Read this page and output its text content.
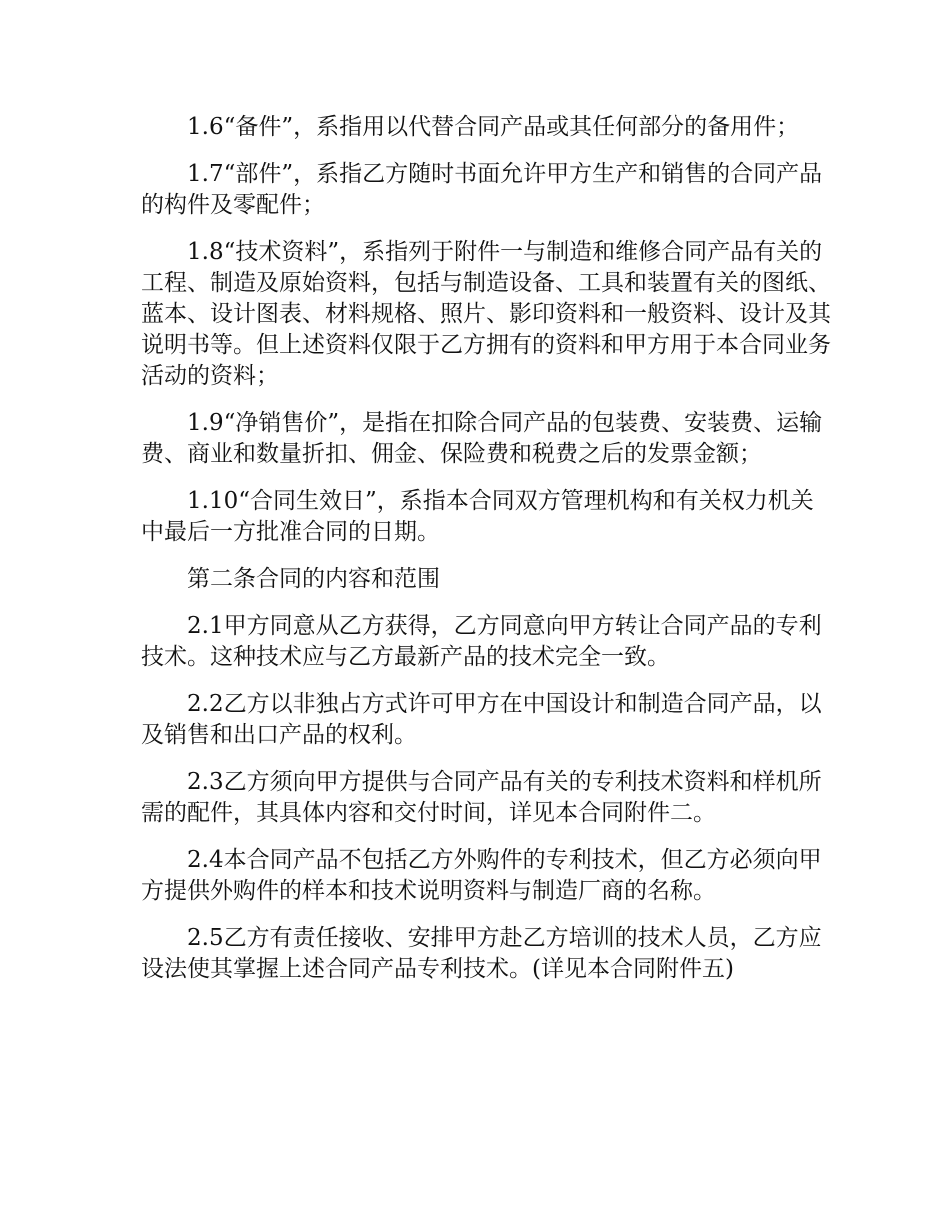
1.6“备件”，系指用以代替合同产品或其任何部分的备用件；

1.7“部件”，系指乙方随时书面允许甲方生产和销售的合同产品的构件及零配件；

1.8“技术资料”，系指列于附件一与制造和维修合同产品有关的工程、制造及原始资料，包括与制造设备、工具和装置有关的图纸、蓝本、设计图表、材料规格、照片、影印资料和一般资料、设计及其说明书等。但上述资料仅限于乙方拥有的资料和甲方用于本合同业务活动的资料；

1.9“净销售价”，是指在扣除合同产品的包装费、安装费、运输费、商业和数量折扣、佣金、保险费和税费之后的发票金额；

1.10“合同生效日”，系指本合同双方管理机构和有关权力机关中最后一方批准合同的日期。

第二条合同的内容和范围

2.1甲方同意从乙方获得，乙方同意向甲方转让合同产品的专利技术。这种技术应与乙方最新产品的技术完全一致。

2.2乙方以非独占方式许可甲方在中国设计和制造合同产品，以及销售和出口产品的权利。

2.3乙方须向甲方提供与合同产品有关的专利技术资料和样机所需的配件，其具体内容和交付时间，详见本合同附件二。

2.4本合同产品不包括乙方外购件的专利技术，但乙方必须向甲方提供外购件的样本和技术说明资料与制造厂商的名称。

2.5乙方有责任接收、安排甲方赴乙方培训的技术人员，乙方应设法使其掌握上述合同产品专利技术。(详见本合同附件五)
